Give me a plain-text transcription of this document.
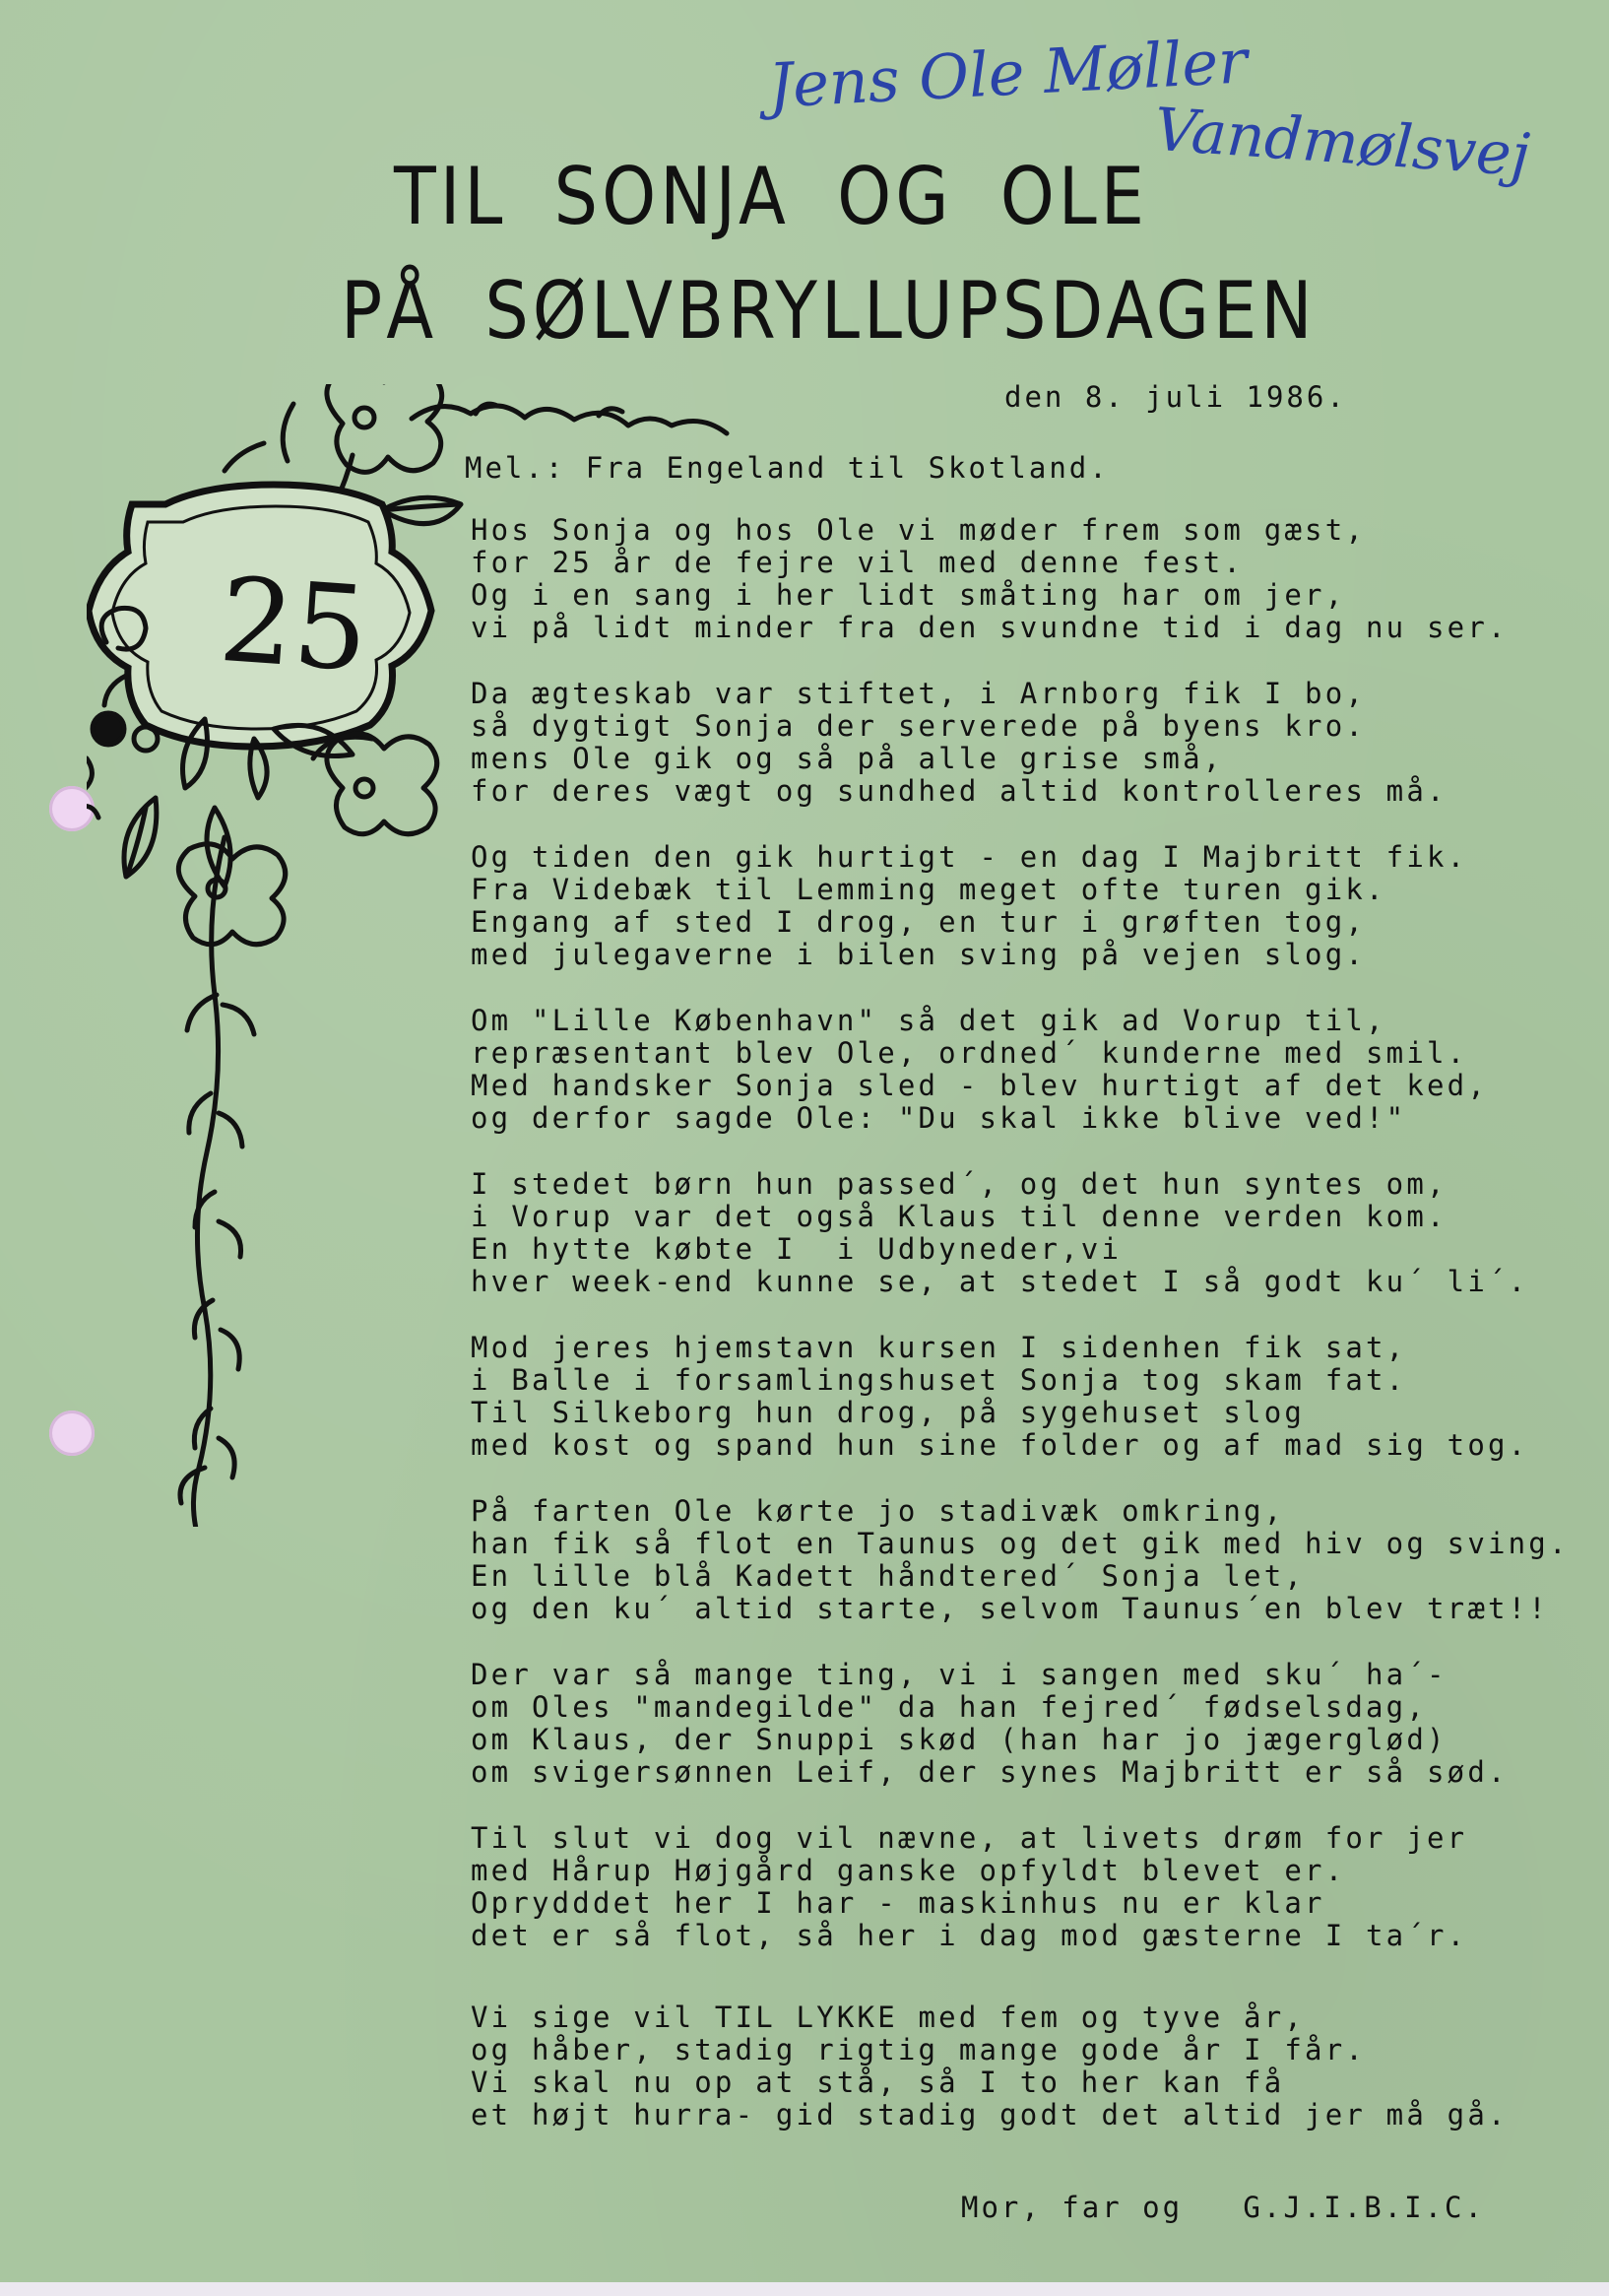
Jens Ole Møller
Vandmølsvej
TIL SONJA OG OLE
PÅ SØLVBRYLLUPSDAGEN
25
den 8. juli 1986.
Mel.: Fra Engeland til Skotland.
Hos Sonja og hos Ole vi møder frem som gæst,
for 25 år de fejre vil med denne fest.
Og i en sang i her lidt småting har om jer,
vi på lidt minder fra den svundne tid i dag nu ser.
Da ægteskab var stiftet, i Arnborg fik I bo,
så dygtigt Sonja der serverede på byens kro.
mens Ole gik og så på alle grise små,
for deres vægt og sundhed altid kontrolleres må.
Og tiden den gik hurtigt - en dag I Majbritt fik.
Fra Videbæk til Lemming meget ofte turen gik.
Engang af sted I drog, en tur i grøften tog,
med julegaverne i bilen sving på vejen slog.
Om "Lille København" så det gik ad Vorup til,
repræsentant blev Ole, ordned´ kunderne med smil.
Med handsker Sonja sled - blev hurtigt af det ked,
og derfor sagde Ole: "Du skal ikke blive ved!"
I stedet børn hun passed´, og det hun syntes om,
i Vorup var det også Klaus til denne verden kom.
En hytte købte I  i Udbyneder,vi
hver week-end kunne se, at stedet I så godt ku´ li´.
Mod jeres hjemstavn kursen I sidenhen fik sat,
i Balle i forsamlingshuset Sonja tog skam fat.
Til Silkeborg hun drog, på sygehuset slog
med kost og spand hun sine folder og af mad sig tog.
På farten Ole kørte jo stadivæk omkring,
han fik så flot en Taunus og det gik med hiv og sving.
En lille blå Kadett håndtered´ Sonja let,
og den ku´ altid starte, selvom Taunus´en blev træt!!
Der var så mange ting, vi i sangen med sku´ ha´-
om Oles "mandegilde" da han fejred´ fødselsdag,
om Klaus, der Snuppi skød (han har jo jægerglød)
om svigersønnen Leif, der synes Majbritt er så sød.
Til slut vi dog vil nævne, at livets drøm for jer
med Hårup Højgård ganske opfyldt blevet er.
Oprydddet her I har - maskinhus nu er klar
det er så flot, så her i dag mod gæsterne I ta´r.
Vi sige vil TIL LYKKE med fem og tyve år,
og håber, stadig rigtig mange gode år I får.
Vi skal nu op at stå, så I to her kan få
et højt hurra- gid stadig godt det altid jer må gå.
Mor, far og   G.J.I.B.I.C.
